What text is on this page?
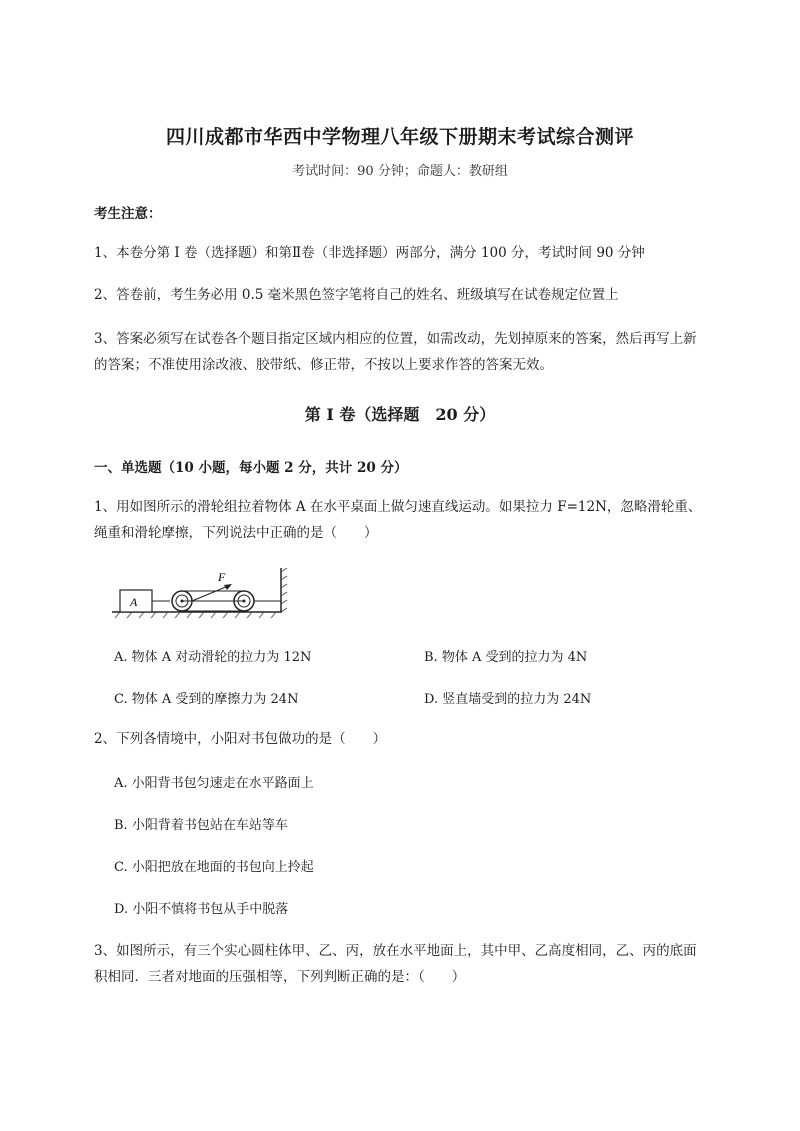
四川成都市华西中学物理八年级下册期末考试综合测评
考试时间：90 分钟；命题人：教研组
考生注意：
1、本卷分第 I 卷（选择题）和第Ⅱ卷（非选择题）两部分，满分 100 分，考试时间 90 分钟
2、答卷前，考生务必用 0.5 毫米黑色签字笔将自己的姓名、班级填写在试卷规定位置上
3、答案必须写在试卷各个题目指定区域内相应的位置，如需改动，先划掉原来的答案，然后再写上新的答案；不准使用涂改液、胶带纸、修正带，不按以上要求作答的答案无效。
第 I 卷（选择题　20 分）
一、单选题（10 小题，每小题 2 分，共计 20 分）
1、用如图所示的滑轮组拉着物体 A 在水平桌面上做匀速直线运动。如果拉力 F=12N，忽略滑轮重、绳重和滑轮摩擦，下列说法中正确的是（　　）
A
F
A. 物体 A 对动滑轮的拉力为 12N	B. 物体 A 受到的拉力为 4N
C. 物体 A 受到的摩擦力为 24N	D. 竖直墙受到的拉力为 24N
2、下列各情境中，小阳对书包做功的是（　　）
A. 小阳背书包匀速走在水平路面上
B. 小阳背着书包站在车站等车
C. 小阳把放在地面的书包向上拎起
D. 小阳不慎将书包从手中脱落
3、如图所示，有三个实心圆柱体甲、乙、丙，放在水平地面上，其中甲、乙高度相同，乙、丙的底面积相同．三者对地面的压强相等，下列判断正确的是：（　　）
